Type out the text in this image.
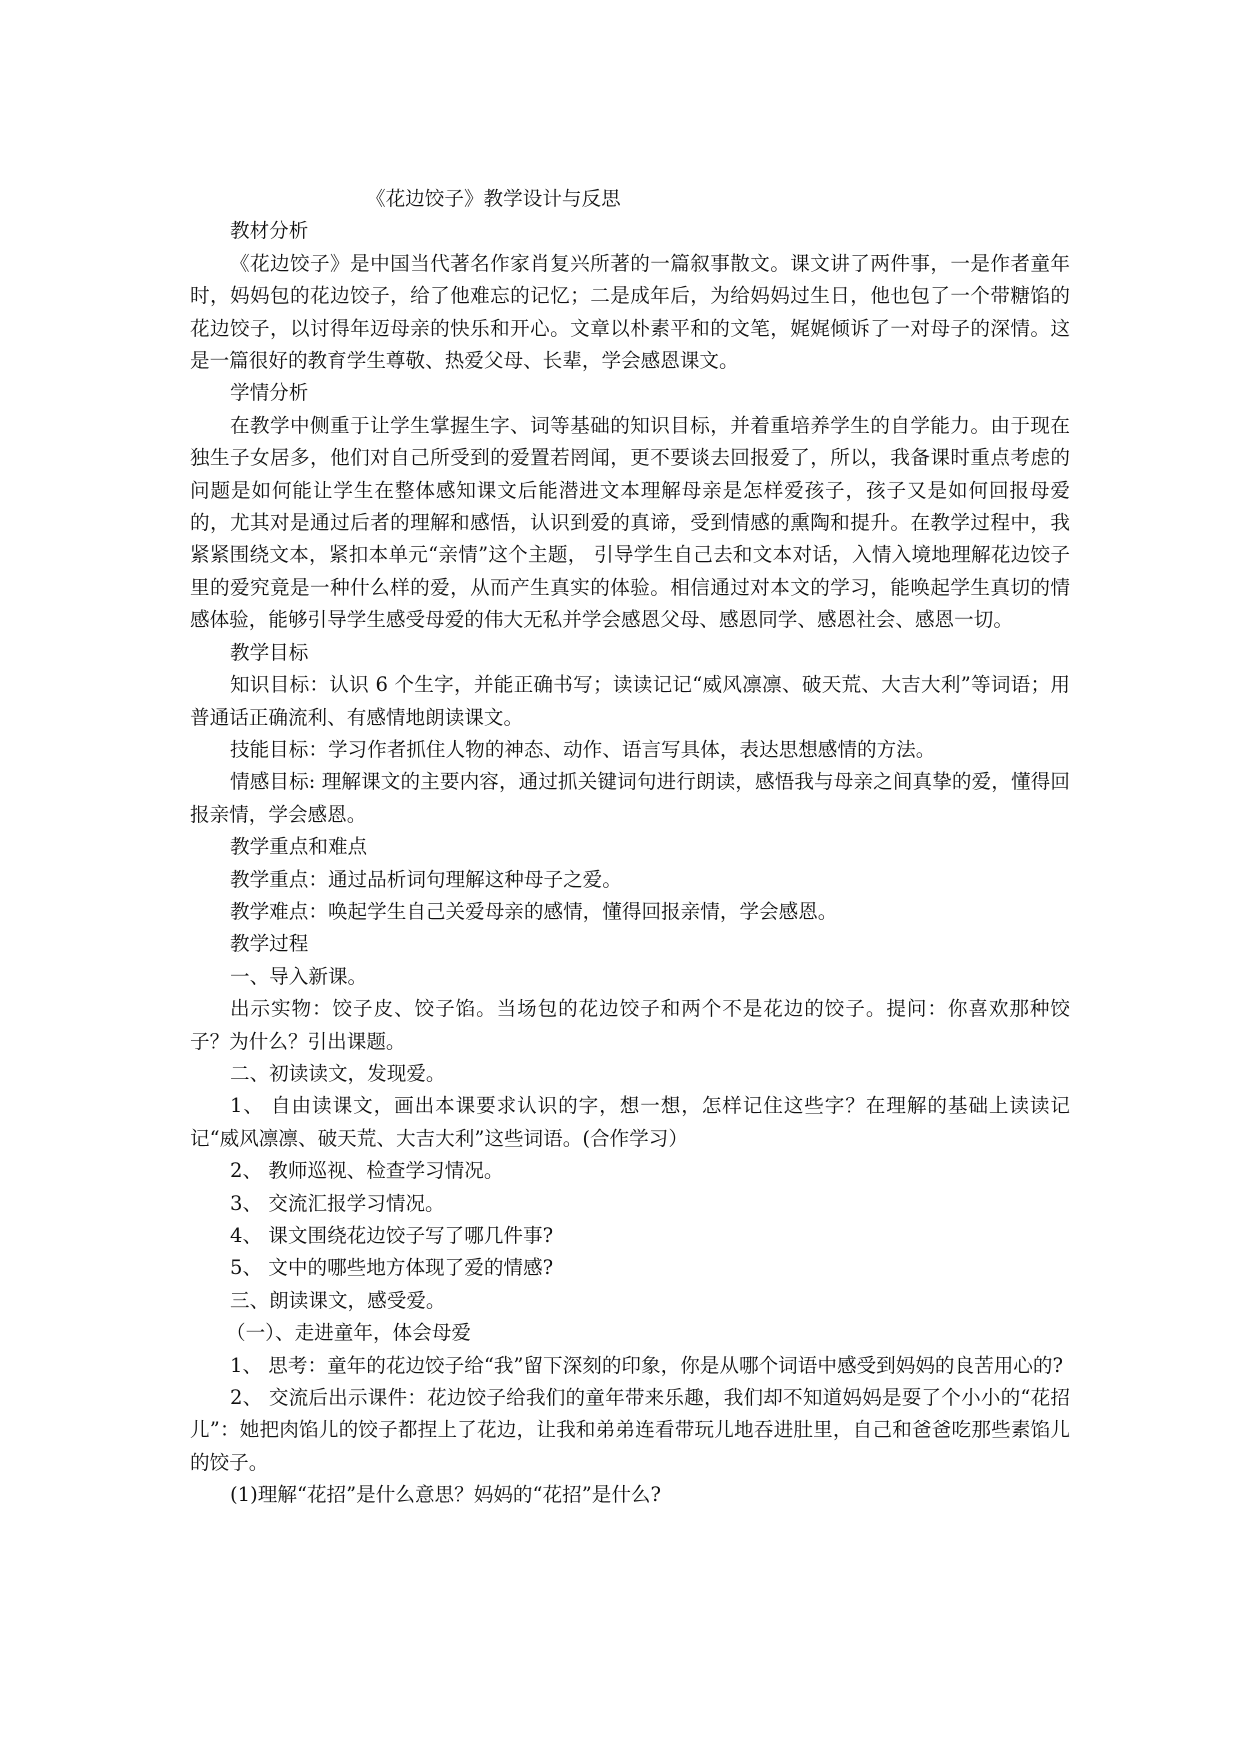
《花边饺子》教学设计与反思

教材分析

《花边饺子》是中国当代著名作家肖复兴所著的一篇叙事散文。课文讲了两件事，一是作者童年时，妈妈包的花边饺子，给了他难忘的记忆；二是成年后，为给妈妈过生日，他也包了一个带糖馅的花边饺子，以讨得年迈母亲的快乐和开心。文章以朴素平和的文笔，娓娓倾诉了一对母子的深情。这是一篇很好的教育学生尊敬、热爱父母、长辈，学会感恩课文。

学情分析

在教学中侧重于让学生掌握生字、词等基础的知识目标，并着重培养学生的自学能力。由于现在独生子女居多，他们对自己所受到的爱置若罔闻，更不要谈去回报爱了，所以，我备课时重点考虑的问题是如何能让学生在整体感知课文后能潜进文本理解母亲是怎样爱孩子，孩子又是如何回报母爱的，尤其对是通过后者的理解和感悟，认识到爱的真谛，受到情感的熏陶和提升。在教学过程中，我紧紧围绕文本，紧扣本单元“亲情”这个主题， 引导学生自己去和文本对话，入情入境地理解花边饺子里的爱究竟是一种什么样的爱，从而产生真实的体验。相信通过对本文的学习，能唤起学生真切的情感体验，能够引导学生感受母爱的伟大无私并学会感恩父母、感恩同学、感恩社会、感恩一切。

教学目标

知识目标：认识 6 个生字，并能正确书写；读读记记“威风凛凛、破天荒、大吉大利”等词语；用普通话正确流利、有感情地朗读课文。

技能目标：学习作者抓住人物的神态、动作、语言写具体，表达思想感情的方法。

情感目标: 理解课文的主要内容，通过抓关键词句进行朗读，感悟我与母亲之间真挚的爱，懂得回报亲情，学会感恩。

教学重点和难点

教学重点：通过品析词句理解这种母子之爱。

教学难点：唤起学生自己关爱母亲的感情，懂得回报亲情，学会感恩。

教学过程

一、导入新课。

出示实物：饺子皮、饺子馅。当场包的花边饺子和两个不是花边的饺子。提问：你喜欢那种饺子？为什么？引出课题。

二、初读读文，发现爱。

1、 自由读课文，画出本课要求认识的字，想一想，怎样记住这些字？在理解的基础上读读记记“威风凛凛、破天荒、大吉大利”这些词语。(合作学习）

2、 教师巡视、检查学习情况。

3、 交流汇报学习情况。

4、 课文围绕花边饺子写了哪几件事?

5、 文中的哪些地方体现了爱的情感?

三、朗读课文，感受爱。

（一）、走进童年，体会母爱

1、 思考：童年的花边饺子给“我”留下深刻的印象，你是从哪个词语中感受到妈妈的良苦用心的?

2、 交流后出示课件：花边饺子给我们的童年带来乐趣，我们却不知道妈妈是耍了个小小的“花招儿”：她把肉馅儿的饺子都捏上了花边，让我和弟弟连看带玩儿地吞进肚里，自己和爸爸吃那些素馅儿的饺子。

(1)理解“花招”是什么意思？妈妈的“花招”是什么?
